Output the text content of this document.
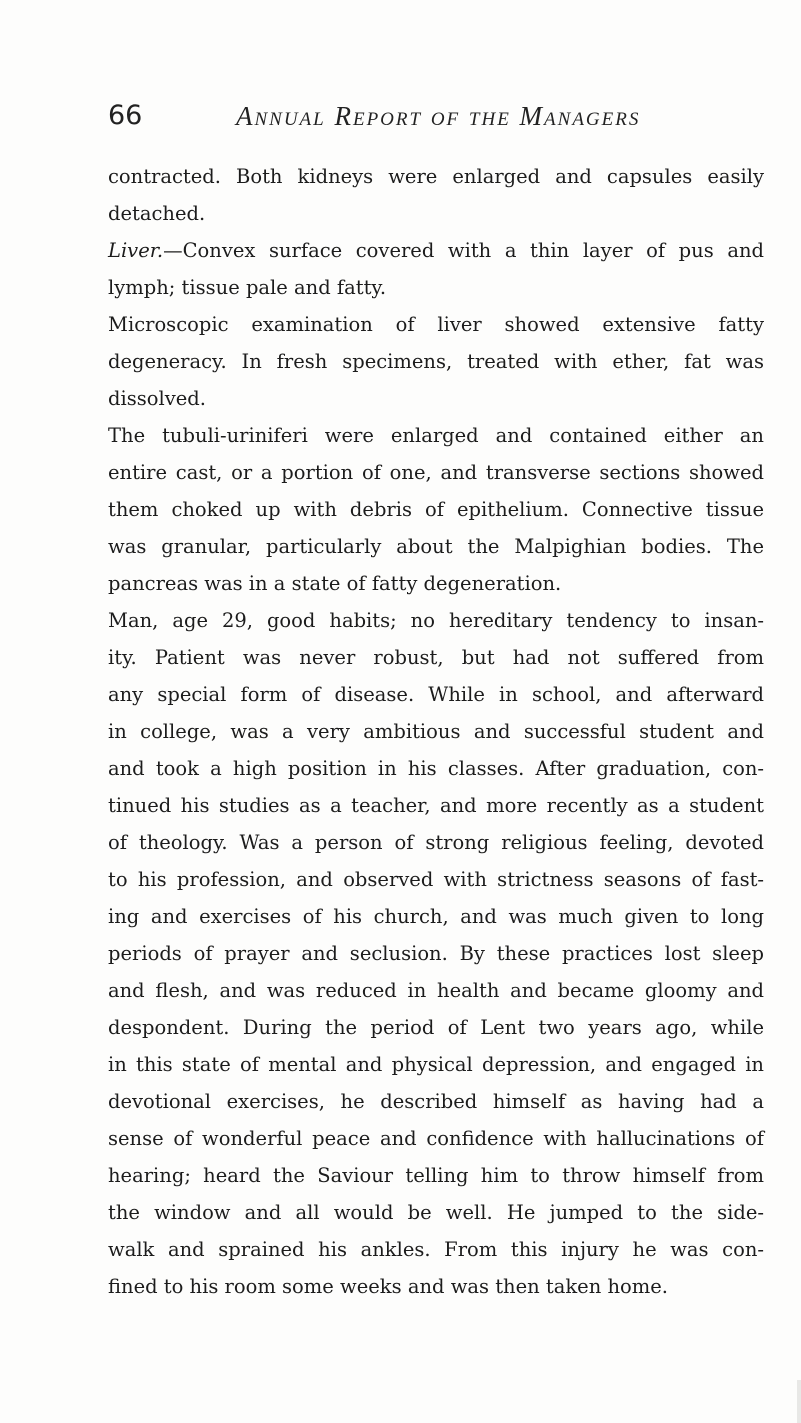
66	Annual Report of the Managers
contracted. Both kidneys were enlarged and capsules easily
detached.
Liver.—Convex surface covered with a thin layer of pus and
lymph; tissue pale and fatty.
Microscopic examination of liver showed extensive fatty
degeneracy. In fresh specimens, treated with ether, fat was
dissolved.
The tubuli-uriniferi were enlarged and contained either an
entire cast, or a portion of one, and transverse sections showed
them choked up with debris of epithelium. Connective tissue
was granular, particularly about the Malpighian bodies. The
pancreas was in a state of fatty degeneration.
Man, age 29, good habits; no hereditary tendency to insan-
ity. Patient was never robust, but had not suffered from
any special form of disease. While in school, and afterward
in college, was a very ambitious and successful student and
and took a high position in his classes. After graduation, con-
tinued his studies as a teacher, and more recently as a student
of theology. Was a person of strong religious feeling, devoted
to his profession, and observed with strictness seasons of fast-
ing and exercises of his church, and was much given to long
periods of prayer and seclusion. By these practices lost sleep
and flesh, and was reduced in health and became gloomy and
despondent. During the period of Lent two years ago, while
in this state of mental and physical depression, and engaged in
devotional exercises, he described himself as having had a
sense of wonderful peace and confidence with hallucinations of
hearing; heard the Saviour telling him to throw himself from
the window and all would be well. He jumped to the side-
walk and sprained his ankles. From this injury he was con-
fined to his room some weeks and was then taken home.
